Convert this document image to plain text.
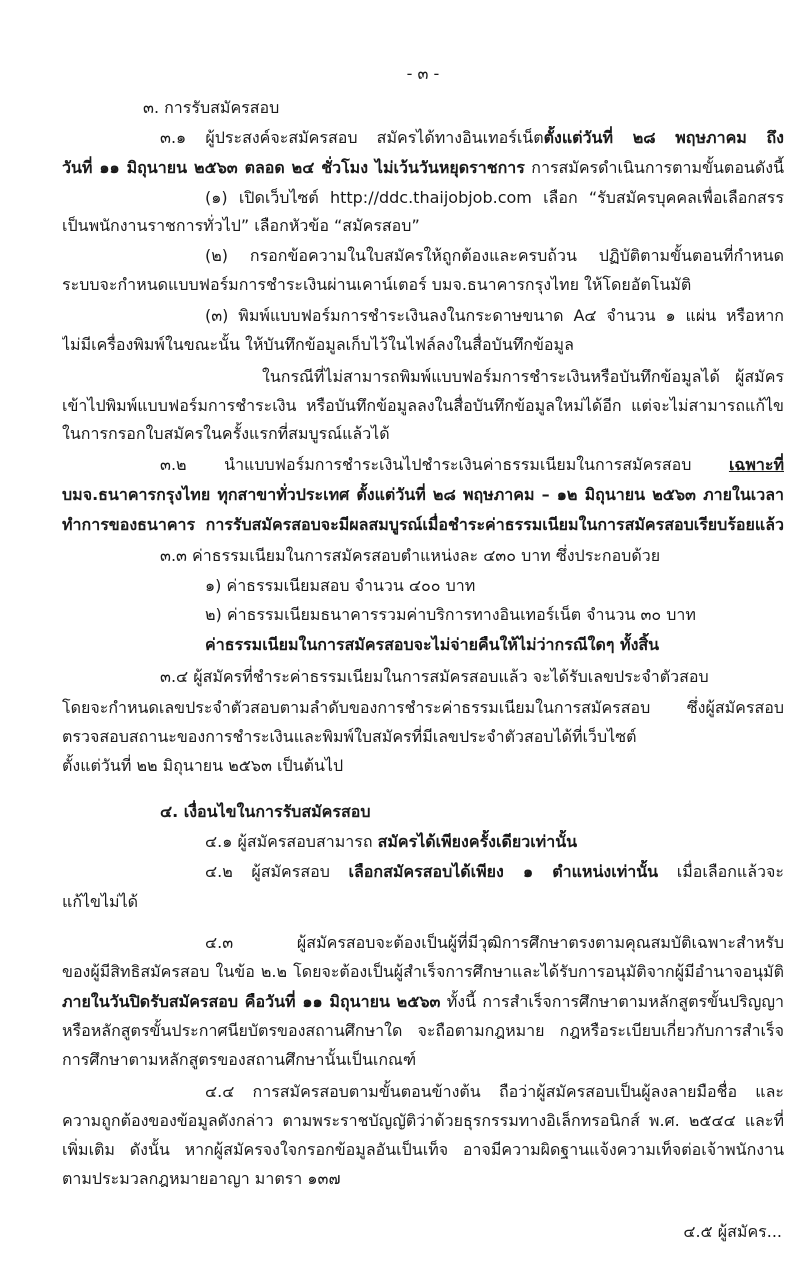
- ๓ -
๓. การรับสมัครสอบ
๓.๑ ผู้ประสงค์จะสมัครสอบ สมัครได้ทางอินเทอร์เน็ตตั้งแต่วันที่ ๒๘ พฤษภาคม ถึง
วันที่ ๑๑ มิถุนายน ๒๕๖๓ ตลอด ๒๔ ชั่วโมง ไม่เว้นวันหยุดราชการ การสมัครดำเนินการตามขั้นตอนดังนี้
(๑) เปิดเว็บไซต์ http://ddc.thaijobjob.com เลือก “รับสมัครบุคคลเพื่อเลือกสรร
เป็นพนักงานราชการทั่วไป” เลือกหัวข้อ “สมัครสอบ”
(๒) กรอกข้อความในใบสมัครให้ถูกต้องและครบถ้วน ปฏิบัติตามขั้นตอนที่กำหนด
ระบบจะกำหนดแบบฟอร์มการชำระเงินผ่านเคาน์เตอร์ บมจ.ธนาคารกรุงไทย ให้โดยอัตโนมัติ
(๓) พิมพ์แบบฟอร์มการชำระเงินลงในกระดาษขนาด A๔ จำนวน ๑ แผ่น หรือหาก
ไม่มีเครื่องพิมพ์ในขณะนั้น ให้บันทึกข้อมูลเก็บไว้ในไฟล์ลงในสื่อบันทึกข้อมูล
ในกรณีที่ไม่สามารถพิมพ์แบบฟอร์มการชำระเงินหรือบันทึกข้อมูลได้ ผู้สมัคร
เข้าไปพิมพ์แบบฟอร์มการชำระเงิน หรือบันทึกข้อมูลลงในสื่อบันทึกข้อมูลใหม่ได้อีก แต่จะไม่สามารถแก้ไข
ในการกรอกใบสมัครในครั้งแรกที่สมบูรณ์แล้วได้
๓.๒ นำแบบฟอร์มการชำระเงินไปชำระเงินค่าธรรมเนียมในการสมัครสอบ เฉพาะที่
บมจ.ธนาคารกรุงไทย ทุกสาขาทั่วประเทศ ตั้งแต่วันที่ ๒๘ พฤษภาคม – ๑๒ มิถุนายน ๒๕๖๓ ภายในเวลา
ทำการของธนาคาร การรับสมัครสอบจะมีผลสมบูรณ์เมื่อชำระค่าธรรมเนียมในการสมัครสอบเรียบร้อยแล้ว
๓.๓ ค่าธรรมเนียมในการสมัครสอบตำแหน่งละ ๔๓๐ บาท ซึ่งประกอบด้วย
๑) ค่าธรรมเนียมสอบ จำนวน ๔๐๐ บาท
๒) ค่าธรรมเนียมธนาคารรวมค่าบริการทางอินเทอร์เน็ต จำนวน ๓๐ บาท
ค่าธรรมเนียมในการสมัครสอบจะไม่จ่ายคืนให้ไม่ว่ากรณีใดๆ ทั้งสิ้น
๓.๔ ผู้สมัครที่ชำระค่าธรรมเนียมในการสมัครสอบแล้ว จะได้รับเลขประจำตัวสอบ
โดยจะกำหนดเลขประจำตัวสอบตามลำดับของการชำระค่าธรรมเนียมในการสมัครสอบ ซึ่งผู้สมัครสอบ
ตรวจสอบสถานะของการชำระเงินและพิมพ์ใบสมัครที่มีเลขประจำตัวสอบได้ที่เว็บไซต์
ตั้งแต่วันที่ ๒๒ มิถุนายน ๒๕๖๓ เป็นต้นไป
๔. เงื่อนไขในการรับสมัครสอบ
๔.๑ ผู้สมัครสอบสามารถ สมัครได้เพียงครั้งเดียวเท่านั้น
๔.๒ ผู้สมัครสอบ เลือกสมัครสอบได้เพียง ๑ ตำแหน่งเท่านั้น เมื่อเลือกแล้วจะ
แก้ไขไม่ได้
๔.๓ ผู้สมัครสอบจะต้องเป็นผู้ที่มีวุฒิการศึกษาตรงตามคุณสมบัติเฉพาะสำหรับ
ของผู้มีสิทธิสมัครสอบ ในข้อ ๒.๒ โดยจะต้องเป็นผู้สำเร็จการศึกษาและได้รับการอนุมัติจากผู้มีอำนาจอนุมัติ
ภายในวันปิดรับสมัครสอบ คือวันที่ ๑๑ มิถุนายน ๒๕๖๓ ทั้งนี้ การสำเร็จการศึกษาตามหลักสูตรขั้นปริญญา
หรือหลักสูตรขั้นประกาศนียบัตรของสถานศึกษาใด จะถือตามกฎหมาย กฎหรือระเบียบเกี่ยวกับการสำเร็จ
การศึกษาตามหลักสูตรของสถานศึกษานั้นเป็นเกณฑ์
๔.๔ การสมัครสอบตามขั้นตอนข้างต้น ถือว่าผู้สมัครสอบเป็นผู้ลงลายมือชื่อ และ
ความถูกต้องของข้อมูลดังกล่าว ตามพระราชบัญญัติว่าด้วยธุรกรรมทางอิเล็กทรอนิกส์ พ.ศ. ๒๕๔๔ และที่
เพิ่มเติม ดังนั้น หากผู้สมัครจงใจกรอกข้อมูลอันเป็นเท็จ อาจมีความผิดฐานแจ้งความเท็จต่อเจ้าพนักงาน
ตามประมวลกฎหมายอาญา มาตรา ๑๓๗
๔.๕ ผู้สมัคร...
